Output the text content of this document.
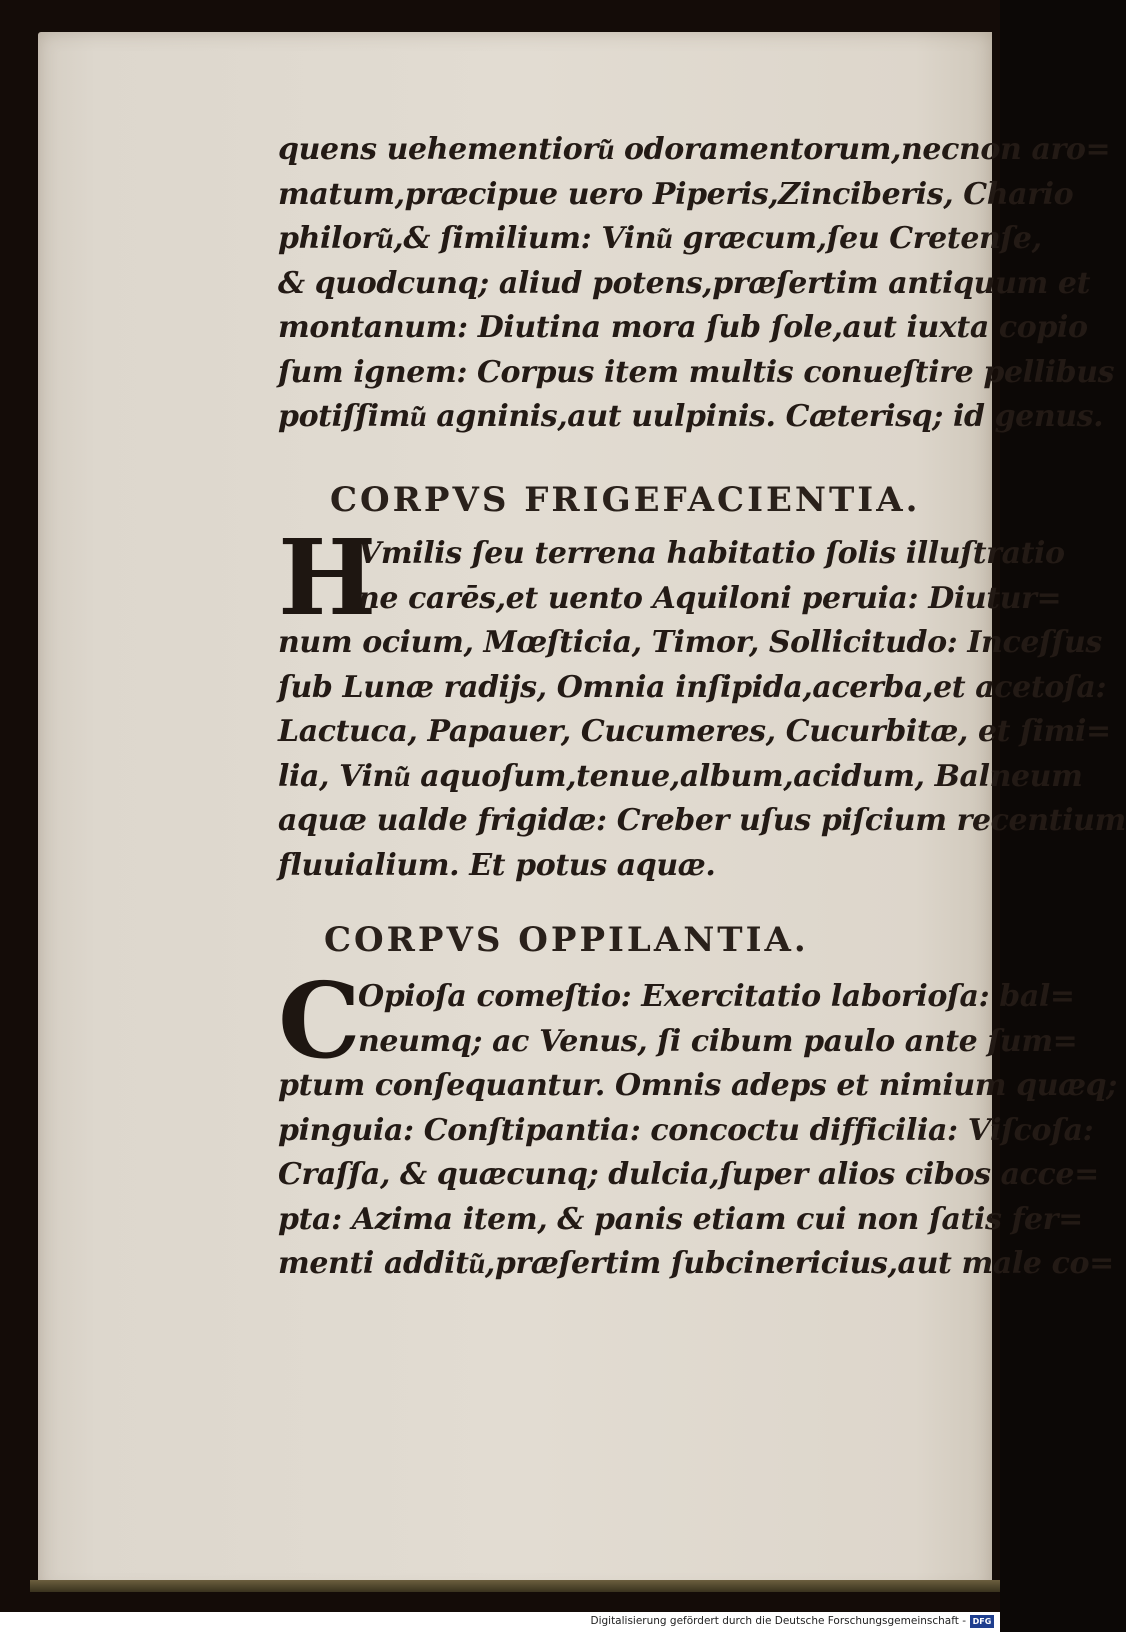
quens uehementioru͂ odoramentorum,necnon aro=

matum,præcipue uero Piperis,Zinciberis, Chario

philoru͂,& ſimilium: Vinu͂ græcum,ſeu Cretenſe,

& quodcunq; aliud potens,præſertim antiquum et

montanum: Diutina mora ſub ſole,aut iuxta copio

ſum ignem: Corpus item multis conueſtire pellibus

potiſſimu͂ agninis,aut uulpinis. Cæterisq; id genus.

CORPVS FRIGEFACIENTIA.
H

Vmilis ſeu terrena habitatio ſolis illuſtratio

ne carēs,et uento Aquiloni peruia: Diutur=

num ocium, Mœſticia, Timor, Sollicitudo: Inceſſus

ſub Lunæ radijs, Omnia inſipida,acerba,et acetoſa:

Lactuca, Papauer, Cucumeres, Cucurbitæ, et ſimi=

lia, Vinu͂ aquoſum,tenue,album,acidum, Balneum

aquæ ualde frigidæ: Creber uſus piſcium recentium

fluuialium. Et potus aquæ.

CORPVS OPPILANTIA.
C

Opioſa comeſtio: Exercitatio laborioſa: bal=

neumq; ac Venus, ſi cibum paulo ante ſum=

ptum conſequantur. Omnis adeps et nimium quæq;

pinguia: Conſtipantia: concoctu difficilia: Viſcoſa:

Craſſa, & quæcunq; dulcia,ſuper alios cibos acce=

pta: Azima item, & panis etiam cui non ſatis fer=

menti additu͂,præſertim ſubcinericius,aut male co=

Digitalisierung gefördert durch die Deutsche Forschungsgemeinschaft - DFG
